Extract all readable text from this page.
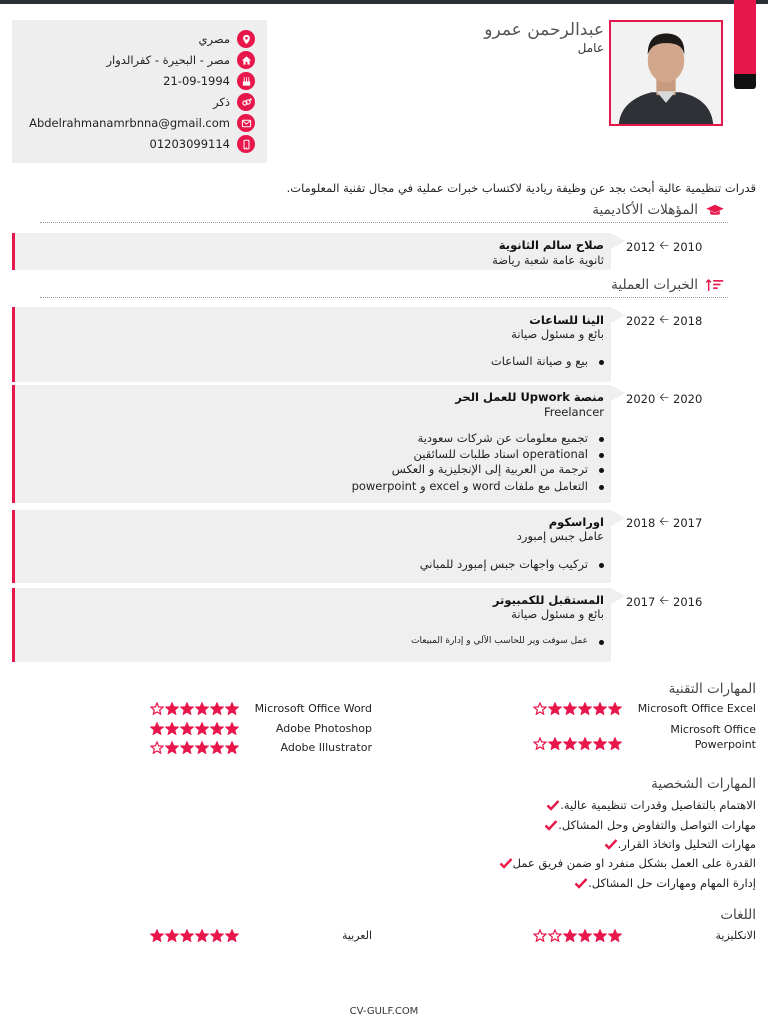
عبدالرحمن عمرو
عامل
مصري
مصر - البحيرة - كفرالدوار
21-09-1994
ذكر
Abdelrahmanamrbnna@gmail.com
01203099114
قدرات تنظيمية عالية أبحث بجد عن وظيفة ريادية لاكتساب خبرات عملية في مجال تقنية المعلومات.
المؤهلات الأكاديمية
2012 🡠 2010
صلاح سالم الثانوية
ثانوية عامة شعبة رياضة
الخبرات العملية
2022 🡠 2018
الينا للساعات
بائع و مسئول صيانة
بيع و صيانة الساعات
2020 🡠 2020
منصة Upwork للعمل الحر
Freelancer
تجميع معلومات عن شركات سعودية
operational اسناد طلبات للسائقين
ترجمة من العربية إلى الإنجليزية و العكس
التعامل مع ملفات word و excel و powerpoint
2018 🡠 2017
اوراسكوم
عامل جبس إمبورد
تركيب واجهات جبس إمبورد للمباني
2017 🡠 2016
المستقبل للكمبيوتر
بائع و مسئول صيانة
عمل سوفت وير للحاسب الآلي و إدارة المبيعات
المهارات التقنية
Microsoft Office Excel
Microsoft Office Word
Microsoft Office Powerpoint
Adobe Photoshop
Adobe Illustrator
المهارات الشخصية
الاهتمام بالتفاصيل وقدرات تنظيمية عالية.
مهارات التواصل والتفاوض وحل المشاكل.
مهارات التحليل واتخاذ القرار.
القدرة على العمل بشكل منفرد او ضمن فريق عمل
إدارة المهام ومهارات حل المشاكل.
اللغات
الانكليزية
العربية
CV-GULF.COM
